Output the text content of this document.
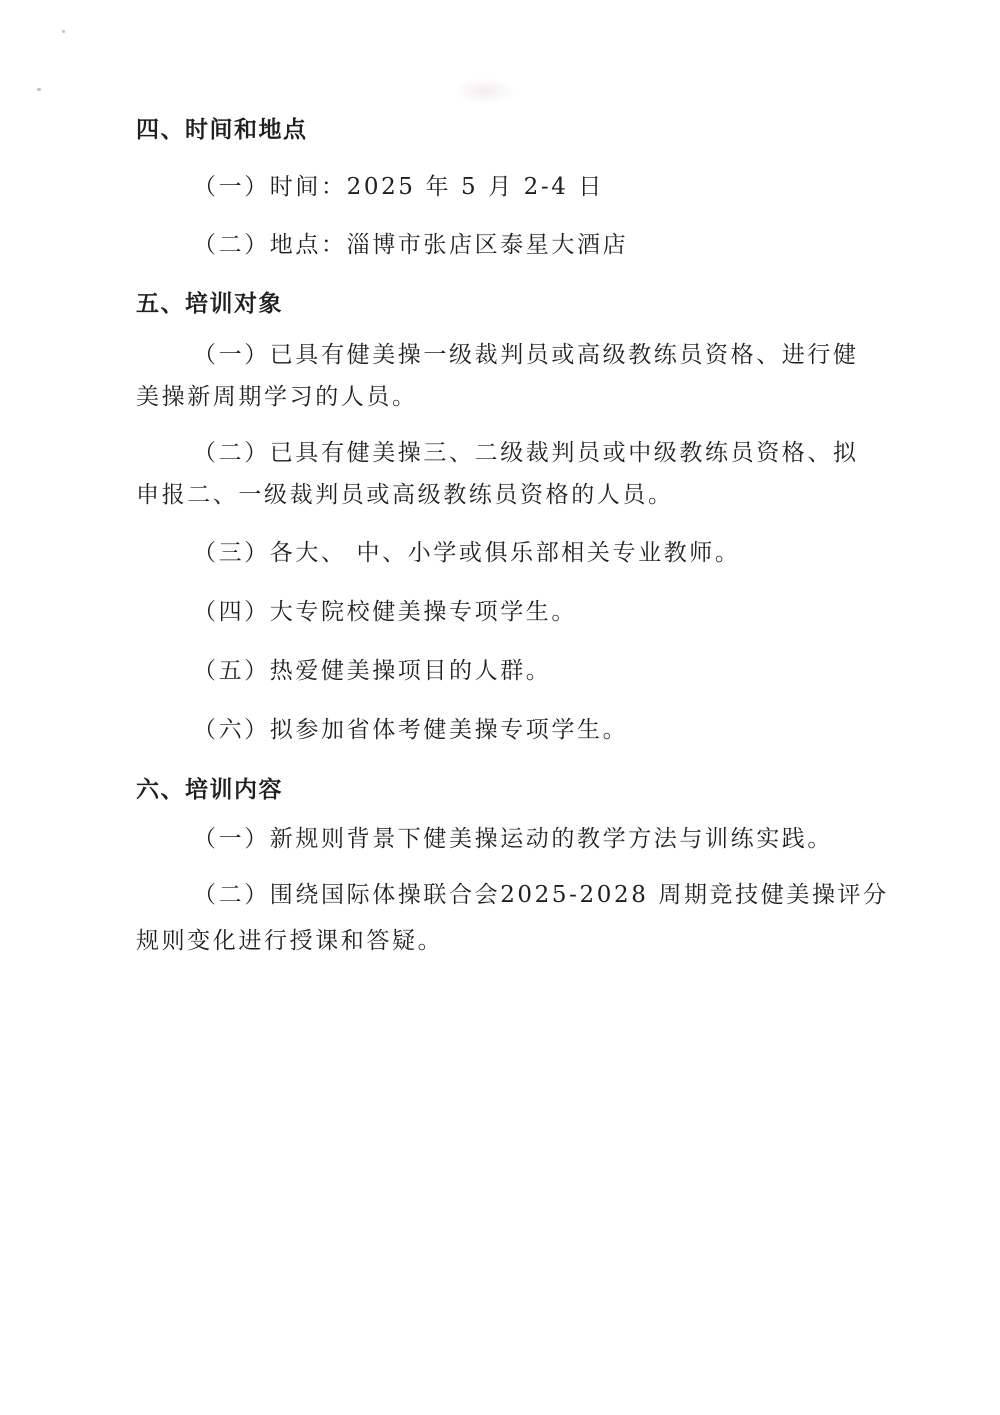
四、时间和地点

（一）时间：2025 年 5 月 2-4 日

（二）地点：淄博市张店区泰星大酒店

五、培训对象

（一）已具有健美操一级裁判员或高级教练员资格、进行健

美操新周期学习的人员。

（二）已具有健美操三、二级裁判员或中级教练员资格、拟

申报二、一级裁判员或高级教练员资格的人员。

（三）各大、 中、小学或俱乐部相关专业教师。

（四）大专院校健美操专项学生。

（五）热爱健美操项目的人群。

（六）拟参加省体考健美操专项学生。

六、培训内容

（一）新规则背景下健美操运动的教学方法与训练实践。

（二）围绕国际体操联合会2025-2028 周期竞技健美操评分

规则变化进行授课和答疑。
